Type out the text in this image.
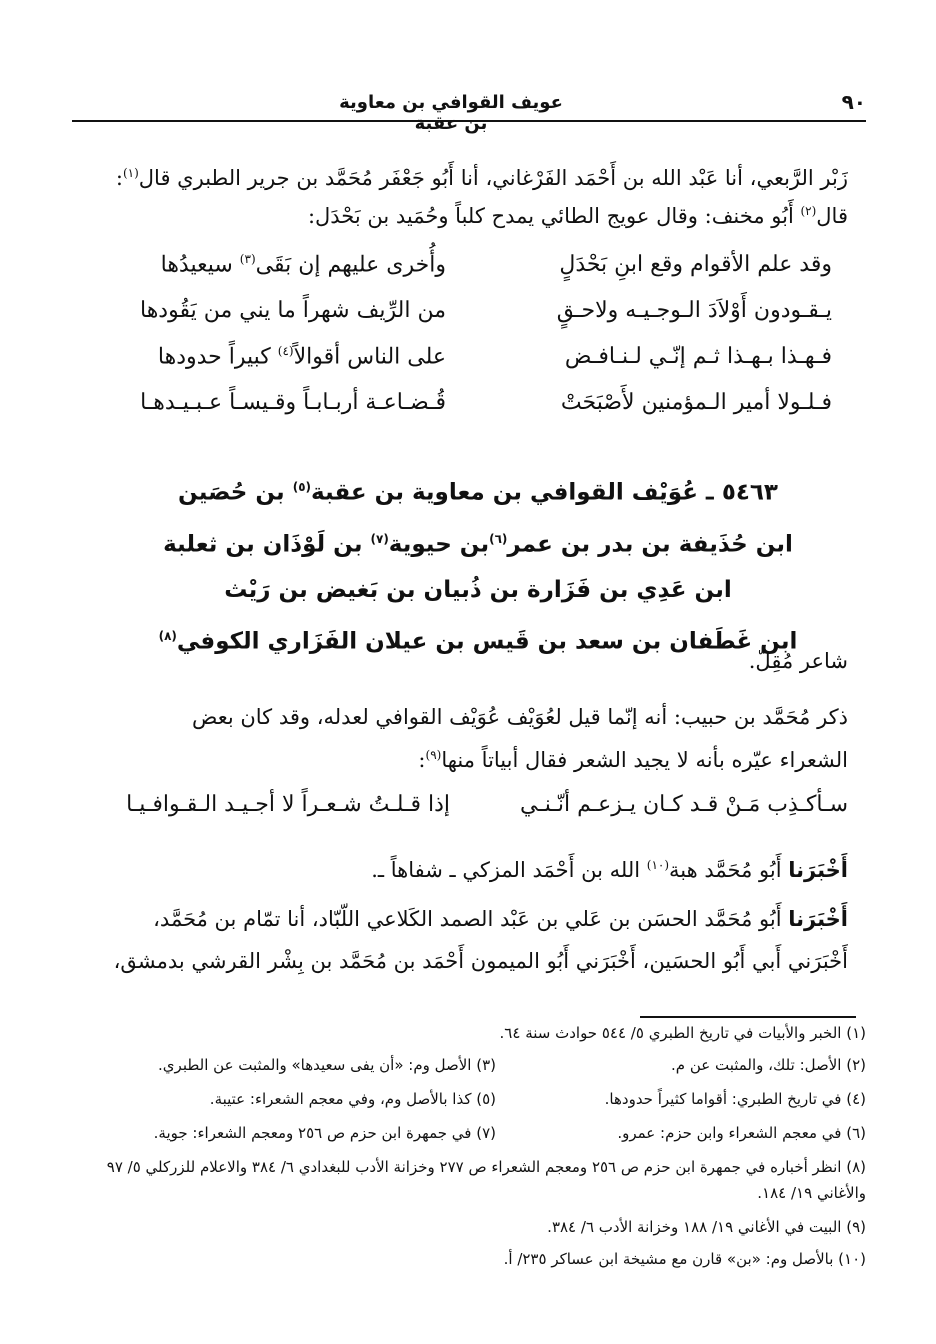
٩٠
عويف القوافي بن معاوية بن عقبة
زَبْر الرَّبعي، أنا عَبْد الله بن أَحْمَد الفَرْغاني، أنا أَبُو جَعْفَر مُحَمَّد بن جرير الطبري قال$^{(١)}$:
قال$^{(٢)}$ أَبُو مخنف: وقال عويج الطائي يمدح كلباً وحُمَيد بن بَحْدَل:
وقد علم الأقوام وقع ابنِ بَحْدَلٍ
وأُخرى عليهم إن بَقَى$^{(٣)}$ سيعيدُها
يـقـودون أَوْلاَدَ الـوجـيـه ولاحـقٍ
من الرِّيف شهراً ما يني من يَقُودها
فـهـذا بـهـذا ثـم إنّـي لـنـافـض
على الناس أقوالاً$^{(٤)}$ كبيراً حدودها
فـلـولا أمير الـمؤمنين لأَصْبَحَتْ
قُـضـاعـة أربـابـاً وقـيسـاً عـبـيـدهـا
٥٤٦٣ ـ عُوَيْف القوافي بن معاوية بن عقبة$^{(٥)}$ بن حُصَين
ابن حُذَيفة بن بدر بن عمر$^{(٦)}$بن حيوية$^{(٧)}$ بن لَوْذَان بن ثعلبة
ابن عَدِي بن فَزَارة بن ذُبيان بن بَغيض بن رَيْث
ابن غَطَفان بن سعد بن قَيس بن عيلان الفَزَاري الكوفي$^{(٨)}$
شاعر مُقِلّ.
ذكر مُحَمَّد بن حبيب: أنه إنّما قيل لعُوَيْف عُوَيْف القوافي لعدله، وقد كان بعض
الشعراء عيّره بأنه لا يجيد الشعر فقال أبياتاً منها$^{(٩)}$:
سـأكـذِب مَـنْ قـد كـان يـزعـم أنّـنـي
إذا قـلـتُ شـعـراً لا أجـيـد الـقـوافـيـا
أَخْبَرَنا أَبُو مُحَمَّد هبة$^{(١٠)}$ الله بن أَحْمَد المزكي ـ شفاهاً ـ.
أَخْبَرَنا أَبُو مُحَمَّد الحسَن بن عَلي بن عَبْد الصمد الكَلاعي اللّبّاد، أنا تمّام بن مُحَمَّد،
أَخْبَرَني أَبي أَبُو الحسَين، أَخْبَرَني أَبُو الميمون أَحْمَد بن مُحَمَّد بن بِشْر القرشي بدمشق،
(١) الخبر والأبيات في تاريخ الطبري ٥/ ٥٤٤ حوادث سنة ٦٤.
(٢) الأصل: تلك، والمثبت عن م.
(٣) الأصل وم: «أن يفى سعيدها» والمثبت عن الطبري.
(٤) في تاريخ الطبري: أقواما كثيراً حدودها.
(٥) كذا بالأصل وم، وفي معجم الشعراء: عتيبة.
(٦) في معجم الشعراء وابن حزم: عمرو.
(٧) في جمهرة ابن حزم ص ٢٥٦ ومعجم الشعراء: جوية.
(٨) انظر أخباره في جمهرة ابن حزم ص ٢٥٦ ومعجم الشعراء ص ٢٧٧ وخزانة الأدب للبغدادي ٦/ ٣٨٤ والاعلام للزركلي ٥/ ٩٧ والأغاني ١٩/ ١٨٤.
(٩) البيت في الأغاني ١٩/ ١٨٨ وخزانة الأدب ٦/ ٣٨٤.
(١٠) بالأصل وم: «بن» قارن مع مشيخة ابن عساكر ٢٣٥/ أ.
